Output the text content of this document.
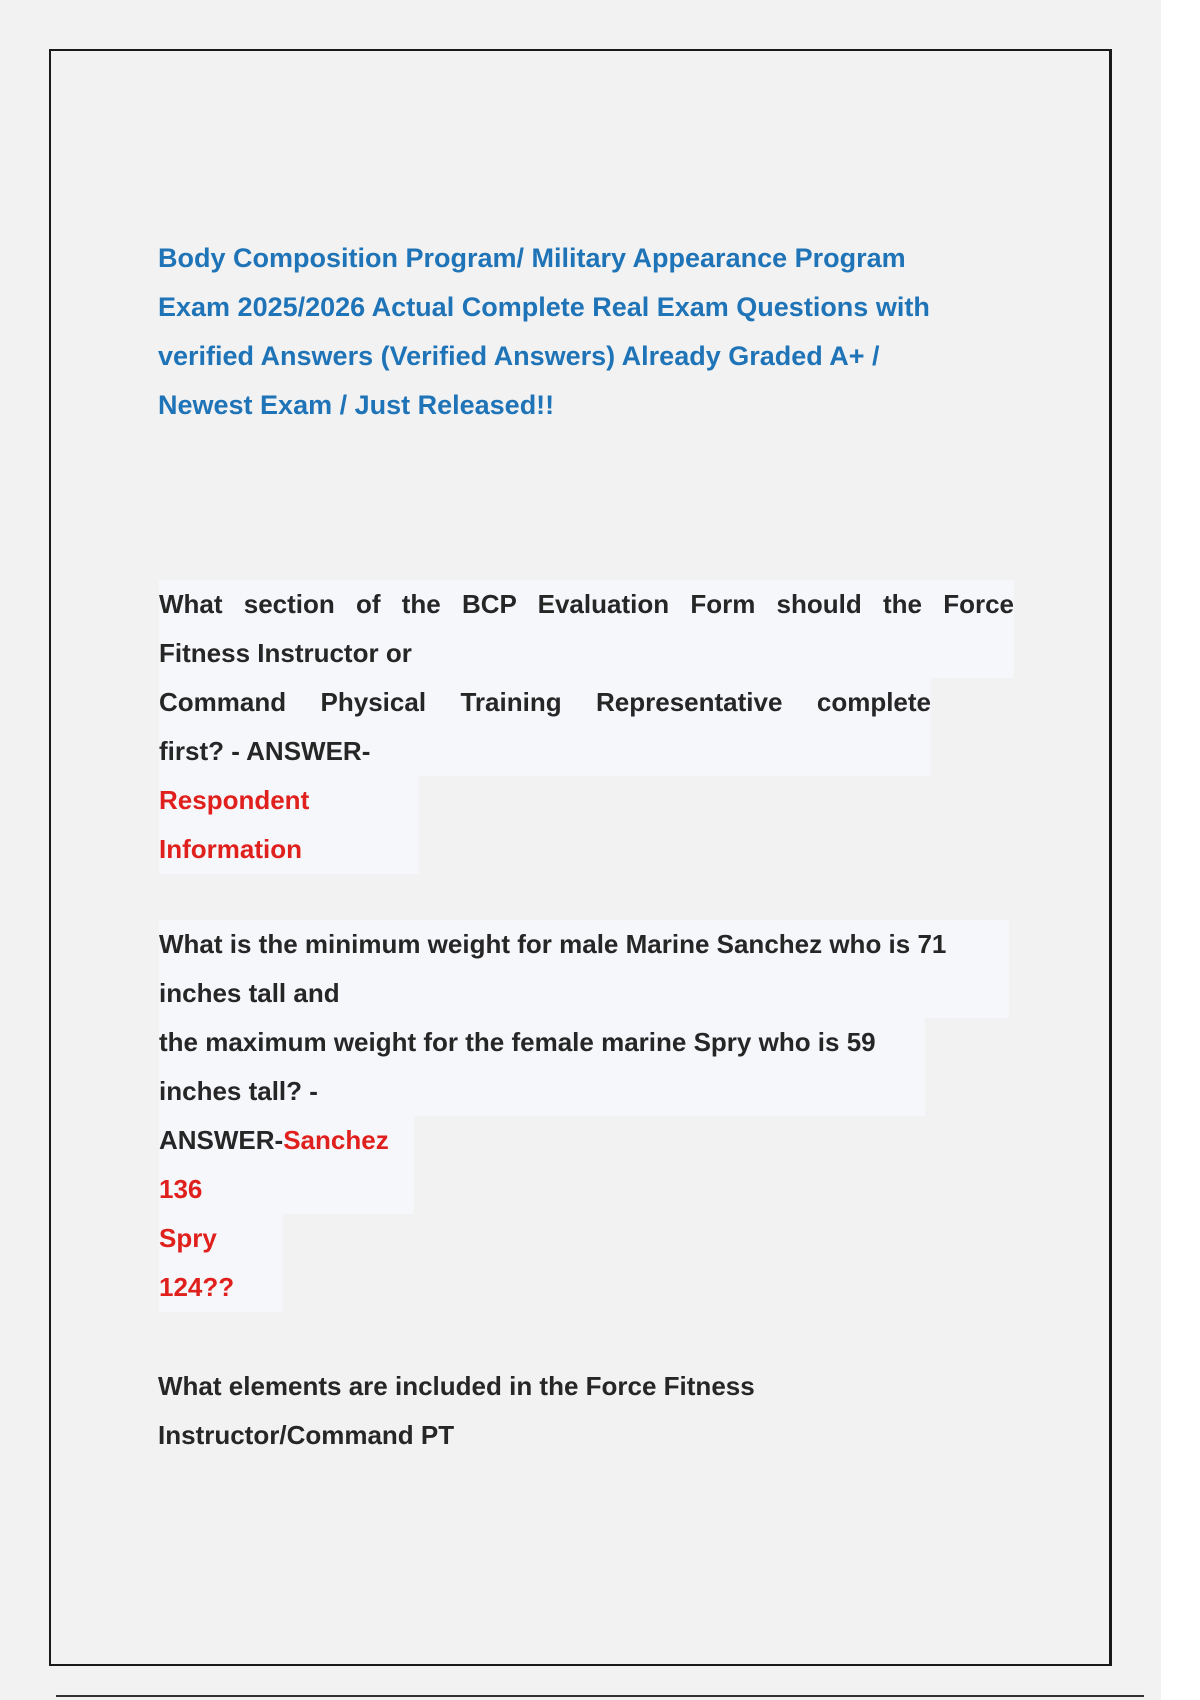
Body Composition Program/ Military Appearance Program
Exam 2025/2026 Actual Complete Real Exam Questions with
verified Answers (Verified Answers) Already Graded A+ /
Newest Exam / Just Released!!
What section of the BCP Evaluation Form should the Force
Fitness Instructor or
Command Physical Training Representative complete
first? - ANSWER-
Respondent
Information
What is the minimum weight for male Marine Sanchez who is 71
inches tall and
the maximum weight for the female marine Spry who is 59
inches tall? -
ANSWER-Sanchez
136
Spry
124??
What elements are included in the Force Fitness
Instructor/Command PT
